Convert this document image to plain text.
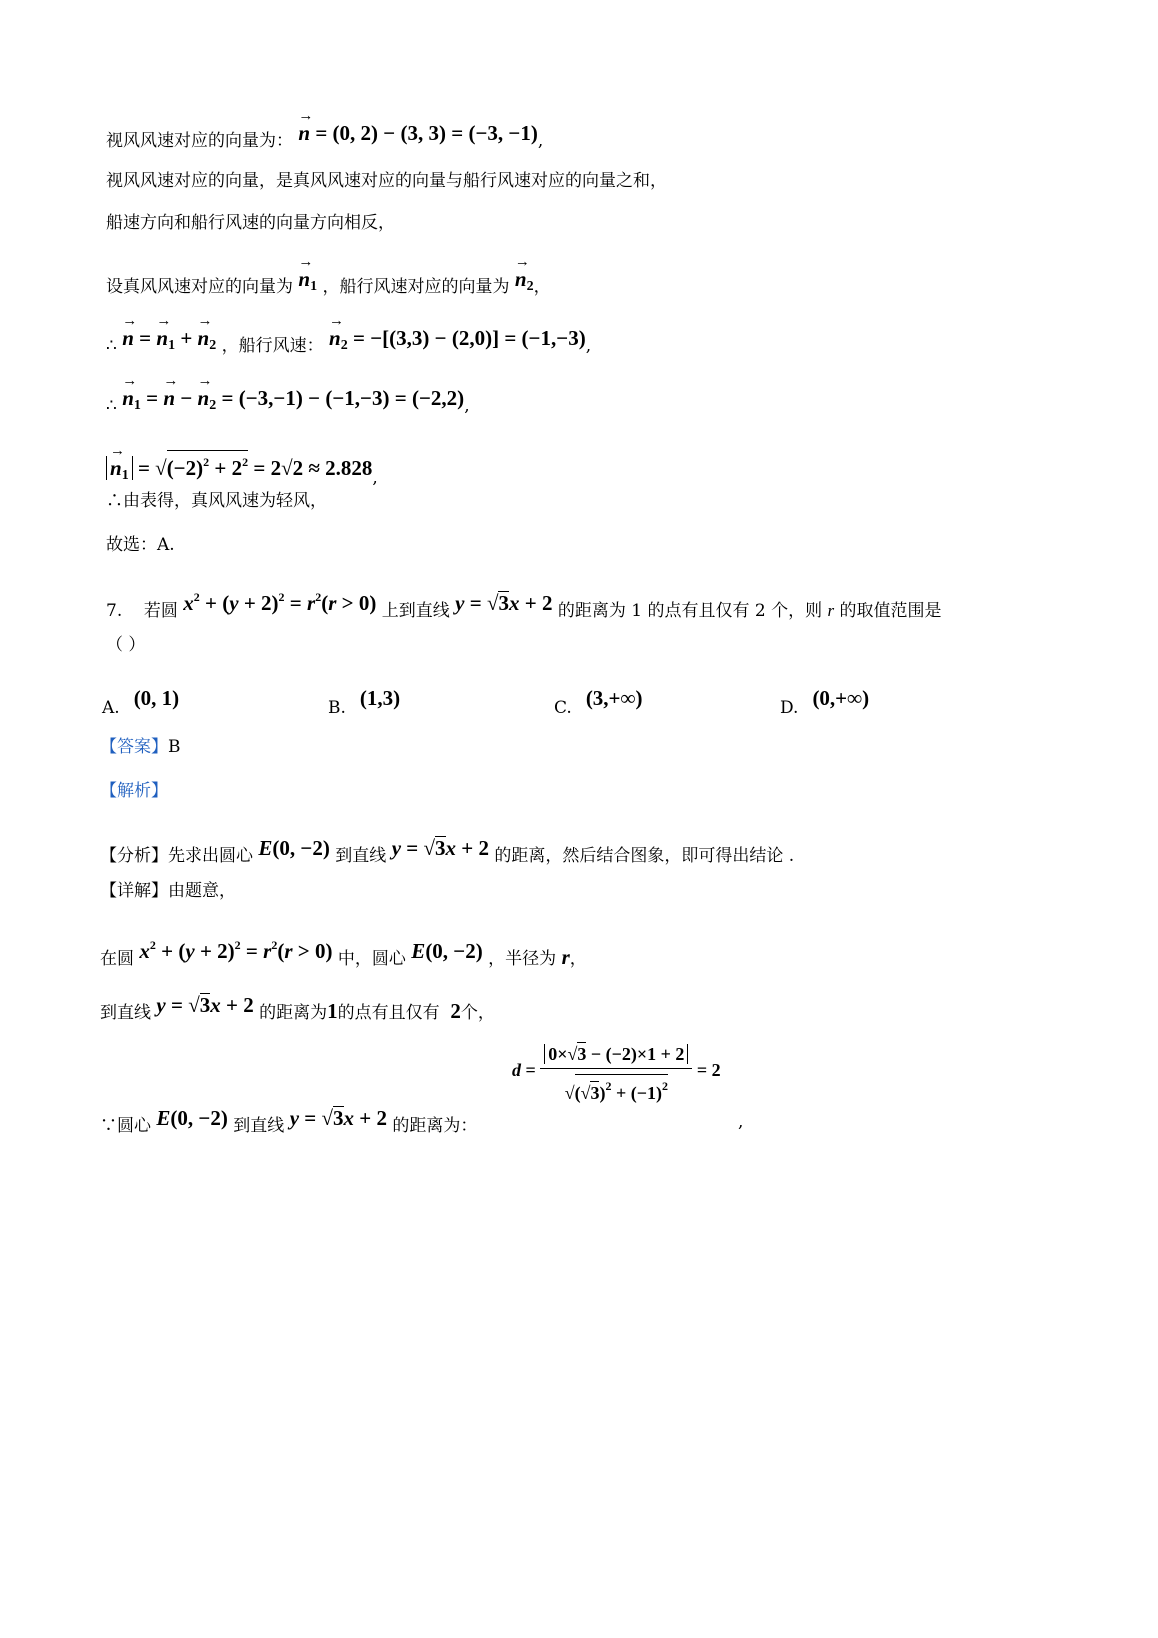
视风风速对应的向量为： → n = (0, 2) − (3, 3) = (−3, −1),
视风风速对应的向量，是真风风速对应的向量与船行风速对应的向量之和，
船速方向和船行风速的向量方向相反，
设真风风速对应的向量为 → $n_1$ ，船行风速对应的向量为 → $n_2$，
∴ → n = → $n_1$ + → $n_2$ ，船行风速： → $n_2 = -[(3,3) - (2,0)] = (-1,-3)$,
∴ → $n_1$ = → n − → $n_2 = (-3,-1) - (-1,-3) = (-2,2)$,
→ $n_1 = √(-2)^2 + 2^2 = 2√2 \approx 2.828$,
∴由表得，真风风速为轻风，
故选：A.
7. 若圆 $x^2 + (y + 2)^2 = r^2(r > 0)$ 上到直线 y = √3x + 2 的距离为 1 的点有且仅有 2 个，则 r 的取值范围是
（ ）
A. (0, 1)	B. (1,3)	C. (3,+∞)	D. (0,+∞)
【答案】B
【解析】
【分析】先求出圆心 E(0, −2) 到直线 y = √3x + 2 的距离，然后结合图象，即可得出结论 .
【详解】由题意，
在圆 $x^2 + (y + 2)^2 = r^2(r > 0)$ 中，圆心 E(0, −2) ，半径为 r，
到直线 y = √3x + 2 的距离为1的点有且仅有 2个，
∵圆心 E(0, −2) 到直线 y = √3x + 2 的距离为：
$d = \frac{0\times√3 - (-2)\times 1 + 2}{√(√3)^2 + (-1)^2} = 2$
,
